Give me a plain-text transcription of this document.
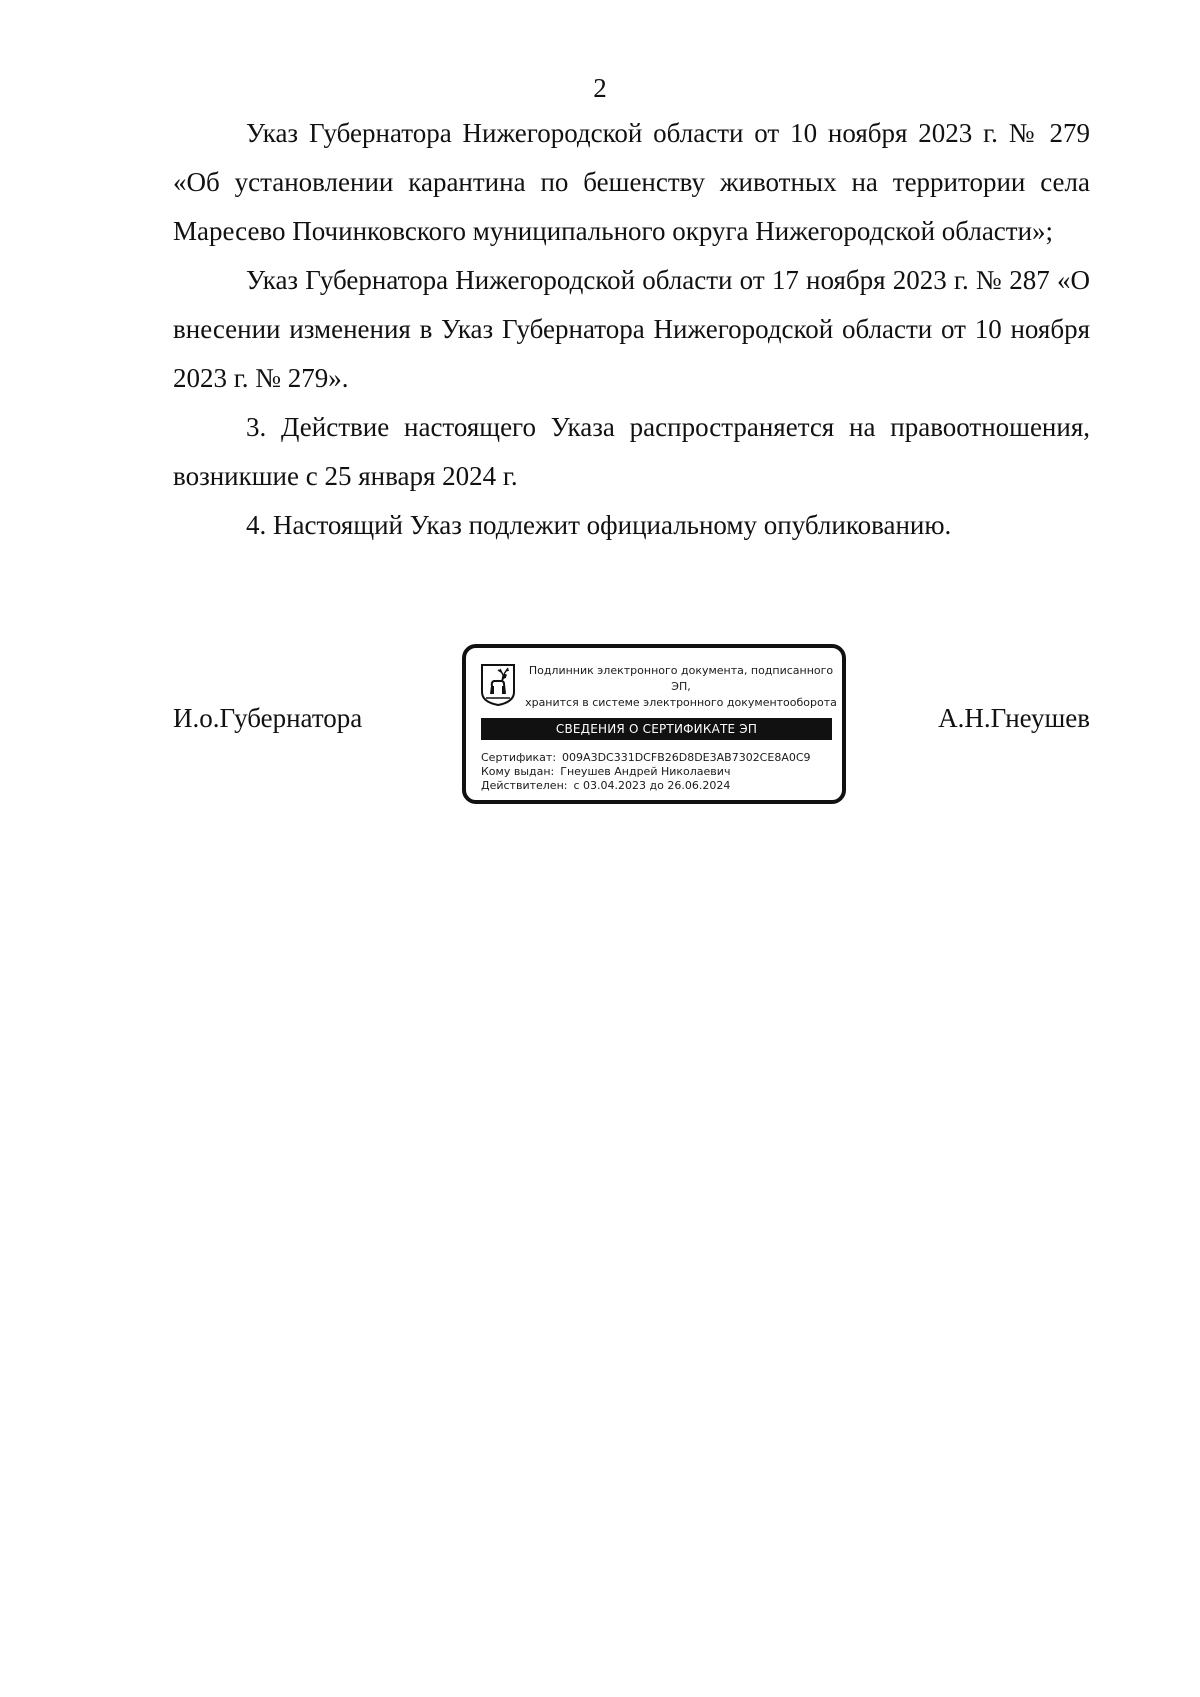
2

Указ Губернатора Нижегородской области от 10 ноября 2023 г. № 279 «Об установлении карантина по бешенству животных на территории села Маресево Починковского муниципального округа Нижегородской области»;

Указ Губернатора Нижегородской области от 17 ноября 2023 г. № 287 «О внесении изменения в Указ Губернатора Нижегородской области от 10 ноября 2023 г. № 279».

3. Действие настоящего Указа распространяется на правоотношения, возникшие с 25 января 2024 г.

4. Настоящий Указ подлежит официальному опубликованию.

И.о.Губернатора
Подлинник электронного документа, подписанного ЭП,
хранится в системе электронного документооборота
СВЕДЕНИЯ О СЕРТИФИКАТЕ ЭП
Сертификат: 009A3DC331DCFB26D8DE3AB7302CE8A0C9
Кому выдан: Гнеушев Андрей Николаевич
Действителен: с 03.04.2023 до 26.06.2024
А.Н.Гнеушев
